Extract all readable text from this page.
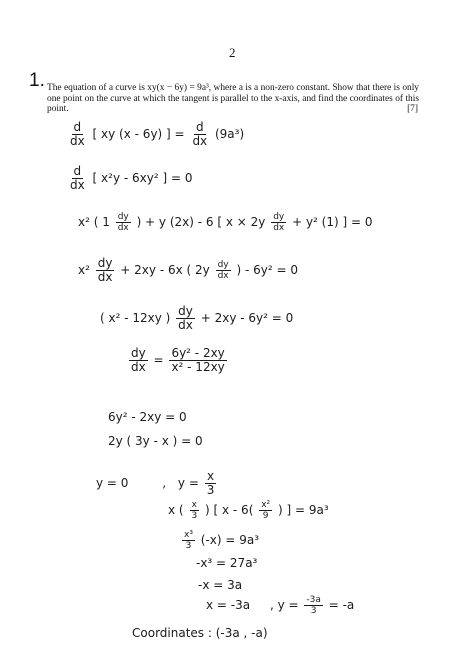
2
1. The equation of a curve is xy(x − 6y) = 9a³, where a is a non-zero constant. Show that there is only one point on the curve at which the tangent is parallel to the x-axis, and find the coordinates of this point.	[7]
$\frac{d}{dx}$ [ xy (x - 6y) ] = $\frac{d}{dx} (9a^3)$
$\frac{d}{dx}$ [ x²y - 6xy² ] = 0
x² ( $1 \frac{dy}{dx}$ ) + y (2x) - 6 [ $x \times 2y \frac{dy}{dx} + y^2$ (1) ] = 0
$x^2 \frac{dy}{dx} + 2xy - 6x$ ( $2y \frac{dy}{dx}$ ) - 6y² = 0
( x² - 12xy ) $\frac{dy}{dx} + 2xy - 6y^2 = 0$
$\frac{dy}{dx} = \frac{\text{6y² - 2xy}}{\text{x² - 12xy}}$
6y² - 2xy = 0
2y ( 3y - x ) = 0
y = 0	, $y = \frac{x}{3}$
x ( $\frac{x}{3}$ ) [ x - $6( \frac{\text{x²}}{9}$ ) ] = 9a³
$\frac{\text{x³}}{3} (-x) = 9a^3$
-x³ = 27a³
-x = 3a
x = -3a , $y = \frac{-3a}{3} = -a$
Coordinates : (-3a , -a)
